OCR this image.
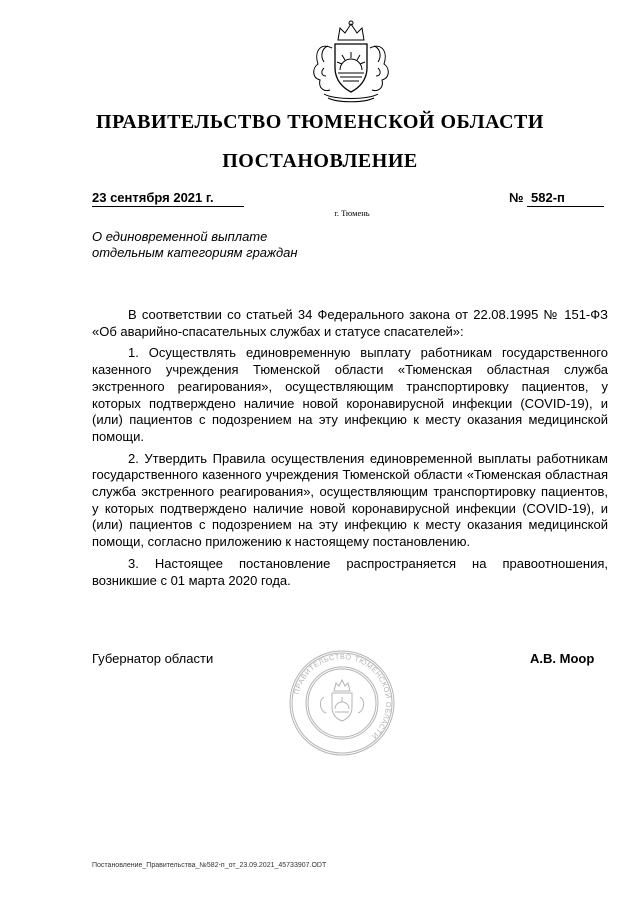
ПРАВИТЕЛЬСТВО ТЮМЕНСКОЙ ОБЛАСТИ
ПОСТАНОВЛЕНИЕ
23 сентября 2021 г.	№ 582-п
г. Тюмень
О единовременной выплате
отдельным категориям граждан

В соответствии со статьей 34 Федерального закона от 22.08.1995 № 151-ФЗ «Об аварийно-спасательных службах и статусе спасателей»:

1. Осуществлять единовременную выплату работникам государственного казенного учреждения Тюменской области «Тюменская областная служба экстренного реагирования», осуществляющим транспортировку пациентов, у которых подтверждено наличие новой коронавирусной инфекции (COVID-19), и (или) пациентов с подозрением на эту инфекцию к месту оказания медицинской помощи.

2. Утвердить Правила осуществления единовременной выплаты работникам государственного казенного учреждения Тюменской области «Тюменская областная служба экстренного реагирования», осуществляющим транспортировку пациентов, у которых подтверждено наличие новой коронавирусной инфекции (COVID-19), и (или) пациентов с подозрением на эту инфекцию к месту оказания медицинской помощи, согласно приложению к настоящему постановлению.

3. Настоящее постановление распространяется на правоотношения, возникшие с 01 марта 2020 года.

Губернатор области	А.В. Моор
ПРАВИТЕЛЬСТВО ТЮМЕНСКОЙ ОБЛАСТИ
Постановление_Правительства_№582-п_от_23.09.2021_45733907.ODT
